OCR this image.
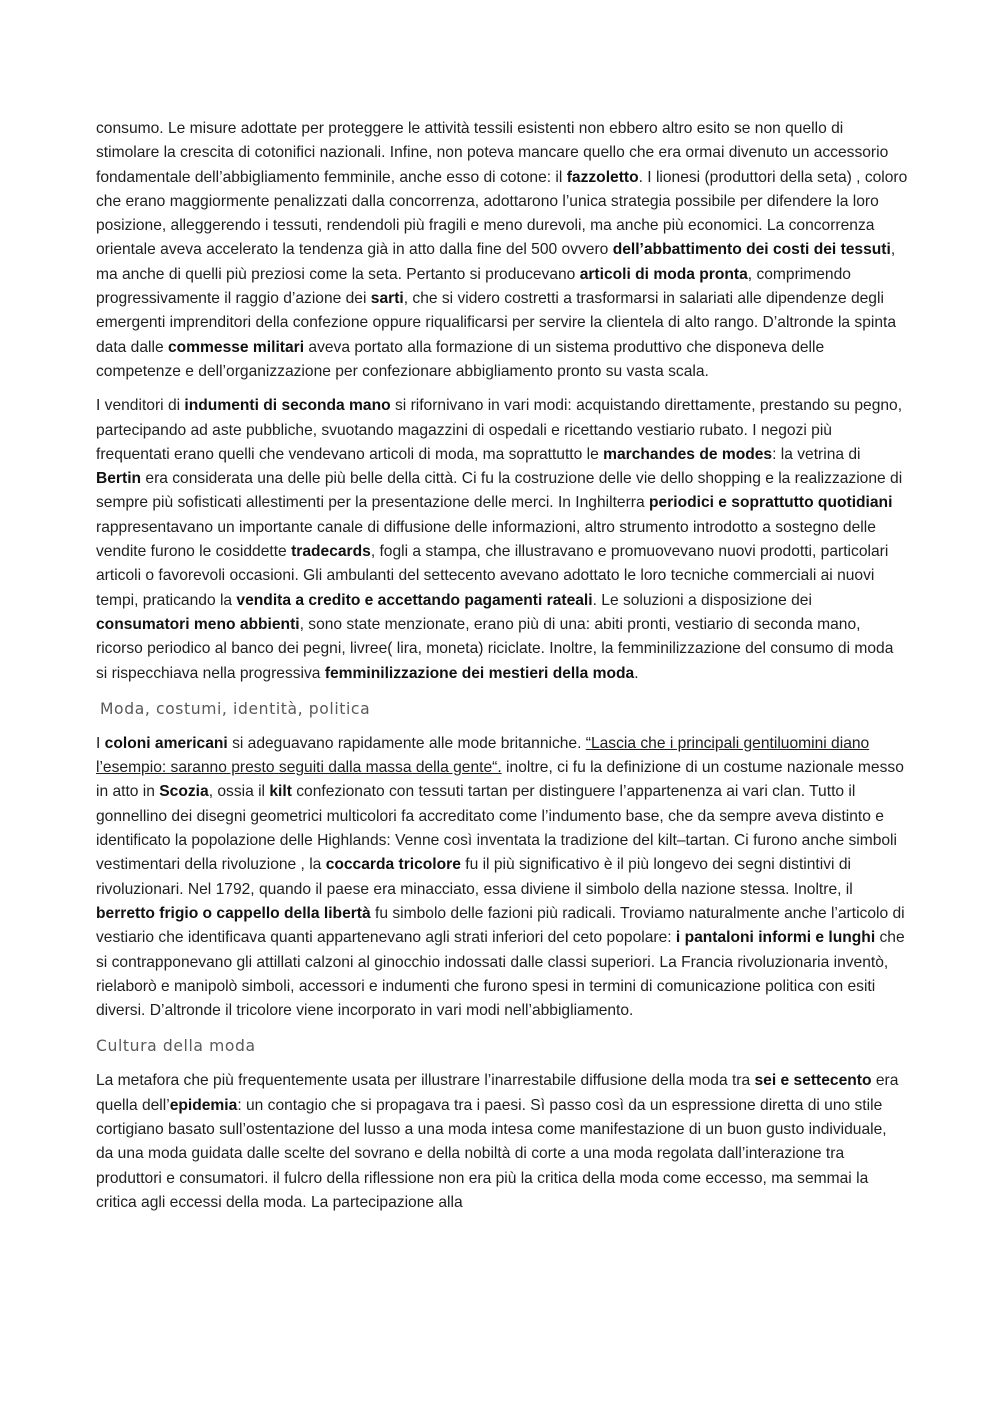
consumo. Le misure adottate per proteggere le attività tessili esistenti non ebbero altro esito se non quello di stimolare la crescita di cotonifici nazionali. Infine, non poteva mancare quello che era ormai divenuto un accessorio fondamentale dell’abbigliamento femminile, anche esso di cotone: il fazzoletto. I lionesi (produttori della seta) , coloro che erano maggiormente penalizzati dalla concorrenza, adottarono l’unica strategia possibile per difendere la loro posizione, alleggerendo i tessuti, rendendoli più fragili e meno durevoli, ma anche più economici. La concorrenza orientale aveva accelerato la tendenza già in atto dalla fine del 500 ovvero dell’abbattimento dei costi dei tessuti, ma anche di quelli più preziosi come la seta. Pertanto si producevano articoli di moda pronta, comprimendo progressivamente il raggio d’azione dei sarti, che si videro costretti a trasformarsi in salariati alle dipendenze degli emergenti imprenditori della confezione oppure riqualificarsi per servire la clientela di alto rango. D’altronde la spinta data dalle commesse militari aveva portato alla formazione di un sistema produttivo che disponeva delle competenze e dell’organizzazione per confezionare abbigliamento pronto su vasta scala.

I venditori di indumenti di seconda mano si rifornivano in vari modi: acquistando direttamente, prestando su pegno, partecipando ad aste pubbliche, svuotando magazzini di ospedali e ricettando vestiario rubato. I negozi più frequentati erano quelli che vendevano articoli di moda, ma soprattutto le marchandes de modes: la vetrina di Bertin era considerata una delle più belle della città. Ci fu la costruzione delle vie dello shopping e la realizzazione di sempre più sofisticati allestimenti per la presentazione delle merci. In Inghilterra periodici e soprattutto quotidiani rappresentavano un importante canale di diffusione delle informazioni, altro strumento introdotto a sostegno delle vendite furono le cosiddette tradecards, fogli a stampa, che illustravano e promuovevano nuovi prodotti, particolari articoli o favorevoli occasioni. Gli ambulanti del settecento avevano adottato le loro tecniche commerciali ai nuovi tempi, praticando la vendita a credito e accettando pagamenti rateali. Le soluzioni a disposizione dei consumatori meno abbienti, sono state menzionate, erano più di una: abiti pronti, vestiario di seconda mano, ricorso periodico al banco dei pegni, livree( lira, moneta) riciclate. Inoltre, la femminilizzazione del consumo di moda si rispecchiava nella progressiva femminilizzazione dei mestieri della moda.

Moda, costumi, identità, politica

I coloni americani si adeguavano rapidamente alle mode britanniche. “Lascia che i principali gentiluomini diano l’esempio: saranno presto seguiti dalla massa della gente“. inoltre, ci fu la definizione di un costume nazionale messo in atto in Scozia, ossia il kilt confezionato con tessuti tartan per distinguere l’appartenenza ai vari clan. Tutto il gonnellino dei disegni geometrici multicolori fa accreditato come l’indumento base, che da sempre aveva distinto e identificato la popolazione delle Highlands: Venne così inventata la tradizione del kilt–tartan. Ci furono anche simboli vestimentari della rivoluzione , la coccarda tricolore fu il più significativo è il più longevo dei segni distintivi di rivoluzionari. Nel 1792, quando il paese era minacciato, essa diviene il simbolo della nazione stessa. Inoltre, il berretto frigio o cappello della libertà fu simbolo delle fazioni più radicali. Troviamo naturalmente anche l’articolo di vestiario che identificava quanti appartenevano agli strati inferiori del ceto popolare: i pantaloni informi e lunghi che si contrapponevano gli attillati calzoni al ginocchio indossati dalle classi superiori. La Francia rivoluzionaria inventò, rielaborò e manipolò simboli, accessori e indumenti che furono spesi in termini di comunicazione politica con esiti diversi. D’altronde il tricolore viene incorporato in vari modi nell’abbigliamento.

Cultura della moda

La metafora che più frequentemente usata per illustrare l’inarrestabile diffusione della moda tra sei e settecento era quella dell’epidemia: un contagio che si propagava tra i paesi. Sì passo così da un espressione diretta di uno stile cortigiano basato sull’ostentazione del lusso a una moda intesa come manifestazione di un buon gusto individuale, da una moda guidata dalle scelte del sovrano e della nobiltà di corte a una moda regolata dall’interazione tra produttori e consumatori. il fulcro della riflessione non era più la critica della moda come eccesso, ma semmai la critica agli eccessi della moda. La partecipazione alla
